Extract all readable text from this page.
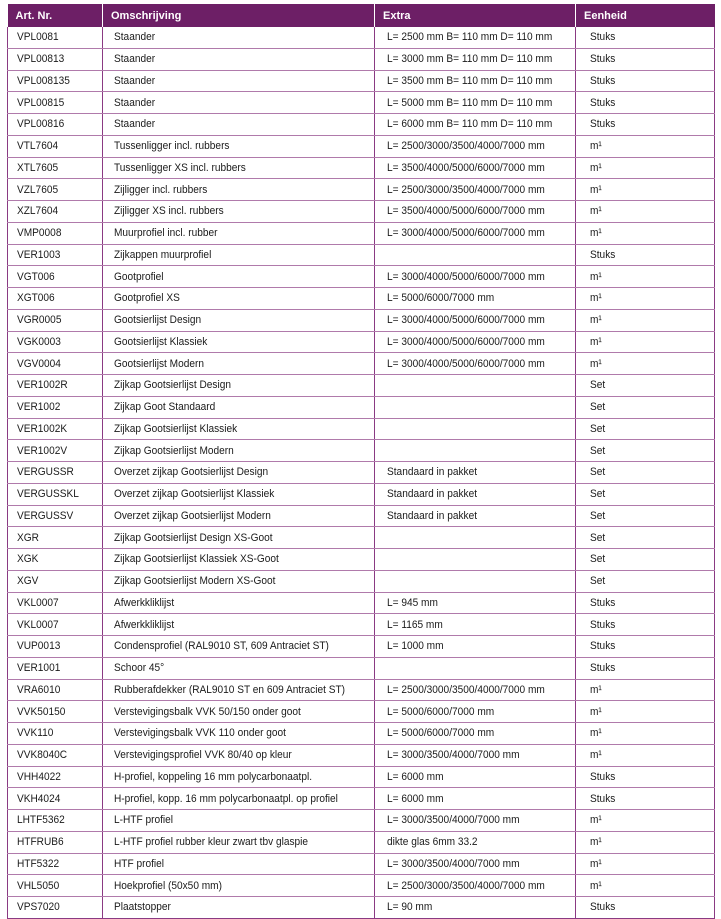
Art. Nr.	Omschrijving	Extra	Eenheid
VPL0081	Staander	L= 2500 mm B= 110 mm D= 110 mm	Stuks
VPL00813	Staander	L= 3000 mm B= 110 mm D= 110 mm	Stuks
VPL008135	Staander	L= 3500 mm B= 110 mm D= 110 mm	Stuks
VPL00815	Staander	L= 5000 mm B= 110 mm D= 110 mm	Stuks
VPL00816	Staander	L= 6000 mm B= 110 mm D= 110 mm	Stuks
VTL7604	Tussenligger incl. rubbers	L= 2500/3000/3500/4000/7000 mm	m¹
XTL7605	Tussenligger XS incl. rubbers	L= 3500/4000/5000/6000/7000 mm	m¹
VZL7605	Zijligger incl. rubbers	L= 2500/3000/3500/4000/7000 mm	m¹
XZL7604	Zijligger XS incl. rubbers	L= 3500/4000/5000/6000/7000 mm	m¹
VMP0008	Muurprofiel incl. rubber	L= 3000/4000/5000/6000/7000 mm	m¹
VER1003	Zijkappen muurprofiel		Stuks
VGT006	Gootprofiel	L= 3000/4000/5000/6000/7000 mm	m¹
XGT006	Gootprofiel XS	L= 5000/6000/7000 mm	m¹
VGR0005	Gootsierlijst Design	L= 3000/4000/5000/6000/7000 mm	m¹
VGK0003	Gootsierlijst Klassiek	L= 3000/4000/5000/6000/7000 mm	m¹
VGV0004	Gootsierlijst Modern	L= 3000/4000/5000/6000/7000 mm	m¹
VER1002R	Zijkap Gootsierlijst Design		Set
VER1002	Zijkap Goot Standaard		Set
VER1002K	Zijkap Gootsierlijst Klassiek		Set
VER1002V	Zijkap Gootsierlijst Modern		Set
VERGUSSR	Overzet zijkap Gootsierlijst Design	Standaard in pakket	Set
VERGUSSKL	Overzet zijkap Gootsierlijst Klassiek	Standaard in pakket	Set
VERGUSSV	Overzet zijkap Gootsierlijst Modern	Standaard in pakket	Set
XGR	Zijkap Gootsierlijst Design XS-Goot		Set
XGK	Zijkap Gootsierlijst Klassiek XS-Goot		Set
XGV	Zijkap Gootsierlijst Modern XS-Goot		Set
VKL0007	Afwerkkliklijst	L= 945 mm	Stuks
VKL0007	Afwerkkliklijst	L= 1165 mm	Stuks
VUP0013	Condensprofiel (RAL9010 ST, 609 Antraciet ST)	L= 1000 mm	Stuks
VER1001	Schoor 45°		Stuks
VRA6010	Rubberafdekker (RAL9010 ST en 609 Antraciet ST)	L= 2500/3000/3500/4000/7000 mm	m¹
VVK50150	Verstevigingsbalk VVK 50/150 onder goot	L= 5000/6000/7000 mm	m¹
VVK110	Verstevigingsbalk VVK 110 onder goot	L= 5000/6000/7000 mm	m¹
VVK8040C	Verstevigingsprofiel VVK 80/40 op kleur	L= 3000/3500/4000/7000 mm	m¹
VHH4022	H-profiel, koppeling 16 mm polycarbonaatpl.	L= 6000 mm	Stuks
VKH4024	H-profiel, kopp. 16 mm polycarbonaatpl. op profiel	L= 6000 mm	Stuks
LHTF5362	L-HTF profiel	L= 3000/3500/4000/7000 mm	m¹
HTFRUB6	L-HTF profiel rubber kleur zwart tbv glaspie	dikte glas 6mm 33.2	m¹
HTF5322	HTF profiel	L= 3000/3500/4000/7000 mm	m¹
VHL5050	Hoekprofiel (50x50 mm)	L= 2500/3000/3500/4000/7000 mm	m¹
VPS7020	Plaatstopper	L= 90 mm	Stuks
